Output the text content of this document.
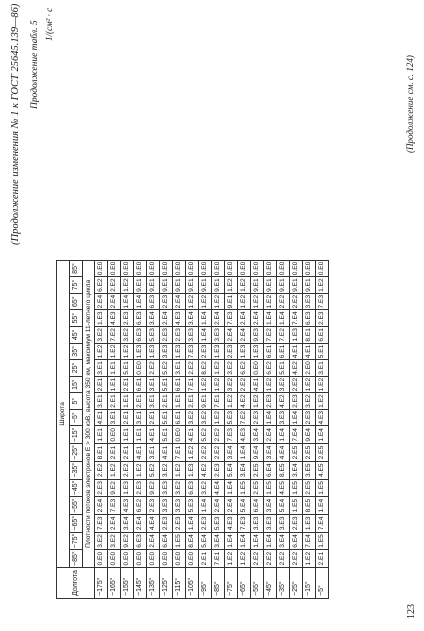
(Продолжение изменения № 1 к ГОСТ 25645.139—86) Продолжение табл. 5 1/(см² · с
Долгота	Широта																	
	−85°	−75°	−65°	−55°	−45°	−35°	−25°	−15°	−5°	5°	15°	25°	35°	45°	55°	65°	75°	85°
	Плотности потоков электронов E > 300 кэВ, высота 350 км, максимум 11-летнего цикла																	
−175°	0.E0	3.E2	7.E3	2.E4	2.E3	2.E2	8.E1	1.E1	4.E1	3.E1	2.E1	3.E1	1.E2	3.E2	1.E3	2.E4	6.E2	0.E0
−165°	0.E0	3.E2	2.E4	7.E3	9.E2	1.E2	2.E1	0.E0	3.E1	2.E1	1.E1	1.E1	1.E2	7.E2	4.E3	2.E4	2.E2	0.E0
−155°	0.E0	9.E2	3.E4	4.E3	1.E3	2.E2	2.E1	1.E1	2.E1	1.E1	2.E1	5.E1	1.E2	3.E2	2.E3	1.E4	1.E2	0.E0
−145°	0.E0	6.E3	2.E4	6.E2	2.E3	1.E2	4.E1	1.E1	3.E1	2.E1	6.E1	0.E0	1.E3	6.E3	6.E3	1.E4	9.E1	0.E0
−135°	0.E0	2.E4	4.E4	2.E3	9.E2	5.E2	3.E1	4.E1	2.E1	3.E1	3.E1	2.E2	1.E3	5.E3	3.E4	6.E3	9.E1	0.E0
−125°	0.E0	6.E4	2.E3	3.E3	3.E3	3.E2	4.E1	5.E1	5.E1	2.E1	5.E1	5.E2	3.E3	2.E3	2.E4	2.E3	9.E1	0.E0
−115°	0.E0	1.E5	2.E3	3.E3	3.E2	1.E2	7.E1	0.E0	6.E1	1.E1	6.E1	3.E1	1.E3	2.E3	4.E3	2.E4	9.E1	0.E0
−105°	0.E0	8.E4	1.E4	5.E3	6.E3	1.E3	1.E2	4.E1	3.E2	2.E1	7.E1	2.E2	7.E3	3.E3	3.E4	1.E2	9.E1	0.E0
−95°	2.E1	5.E4	2.E3	1.E4	3.E2	4.E2	2.E2	5.E2	3.E2	9.E1	1.E2	8.E2	2.E3	1.E4	1.E4	1.E2	9.E1	0.E0
−85°	7.E1	3.E4	5.E3	2.E4	4.E4	2.E3	2.E2	2.E2	1.E2	7.E1	1.E2	1.E2	1.E3	3.E3	2.E4	1.E2	9.E1	0.E0
−75°	1.E2	1.E4	4.E3	2.E4	1.E4	5.E4	3.E4	7.E3	5.E3	1.E2	3.E2	3.E2	2.E3	2.E4	7.E3	9.E1	1.E2	0.E0
−65°	1.E2	1.E4	7.E3	5.E4	1.E5	3.E4	1.E4	4.E3	7.E2	4.E2	2.E2	6.E2	1.E3	2.E4	2.E4	1.E2	1.E2	0.E0
−55°	2.E2	1.E4	3.E3	6.E4	2.E5	2.E5	9.E4	3.E4	2.E3	1.E2	4.E1	0.E0	1.E3	9.E3	2.E4	1.E2	9.E1	0.E0
−45°	2.E2	1.E4	3.E3	3.E4	1.E5	6.E4	3.E4	2.E4	1.E4	2.E3	1.E2	6.E2	6.E1	7.E2	1.E4	1.E2	9.E1	0.E0
−35°	2.E2	3.E4	3.E3	5.E4	4.E5	8.E5	4.E4	1.E4	3.E3	4.E2	3.E2	5.E1	6.E1	7.E2	1.E4	2.E2	9.E1	0.E0
−25°	2.E2	6.E4	2.E3	1.E5	1.E5	3.E4	2.E5	7.E4	1.E4	2.E3	2.E2	4.E2	4.E1	1.E3	7.E4	2.E2	9.E1	0.E0
−15°	1.E2	7.E4	1.E3	8.E5	2.E5	3.E5	2.E5	9.E4	2.E3	3.E2	1.E2	2.E0	4.E1	8.E1	6.E3	3.E3	9.E1	0.E0
−5°	2.E1	1.E5	7.E4	1.E4	1.E5	4.E5	2.E5	1.E4	4.E3	1.E2	1.E2	3.E1	5.E1	6.E1	2.E3	7.E3	1.E2	0.E0
123
(Продолжение см. с. 124)
